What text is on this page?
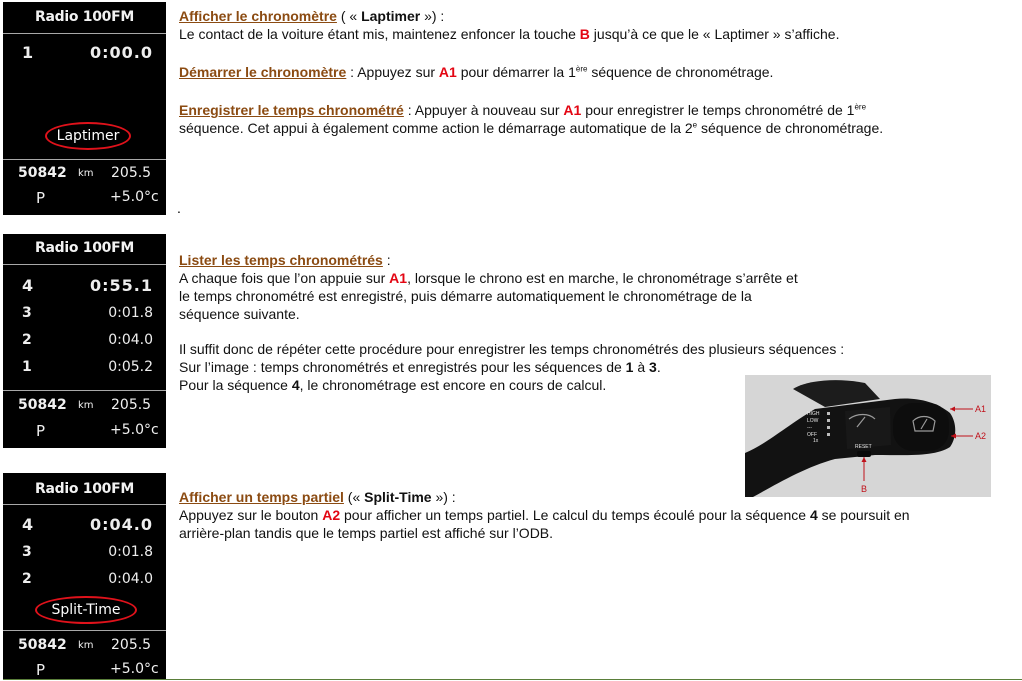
Radio 100FM
1	0:00.0
Laptimer
50842 km 205.5
P	+5.0°c
Radio 100FM
4	0:55.1
3	0:01.8
2	0:04.0
1	0:05.2
50842 km 205.5
P	+5.0°c
Radio 100FM
4	0:04.0
3	0:01.8
2	0:04.0
Split-Time
50842 km 205.5
P	+5.0°c
Afficher le chronomètre ( « Laptimer ») :
Le contact de la voiture étant mis, maintenez enfoncer la touche B jusqu’à ce que le « Laptimer » s’affiche.
Démarrer le chronomètre : Appuyez sur A1 pour démarrer la 1ère séquence de chronométrage.
Enregistrer le temps chronométré : Appuyer à nouveau sur A1 pour enregistrer le temps chronométré de 1ère
séquence. Cet appui à également comme action le démarrage automatique de la 2e séquence de chronométrage.
.
Lister les temps chronométrés :
A chaque fois que l’on appuie sur A1, lorsque le chrono est en marche, le chronométrage s’arrête et
le temps chronométré est enregistré, puis démarre automatiquement le chronométrage de la
séquence suivante.
Il suffit donc de répéter cette procédure pour enregistrer les temps chronométrés des plusieurs séquences :
Sur l’image : temps chronométrés et enregistrés pour les séquences de 1 à 3.
Pour la séquence 4, le chronométrage est encore en cours de calcul.
HIGH
LOW
---
OFF
1x
RESET
A1
A2
B
Afficher un temps partiel (« Split-Time ») :
Appuyez sur le bouton A2 pour afficher un temps partiel. Le calcul du temps écoulé pour la séquence 4 se poursuit en
arrière-plan tandis que le temps partiel est affiché sur l’ODB.
